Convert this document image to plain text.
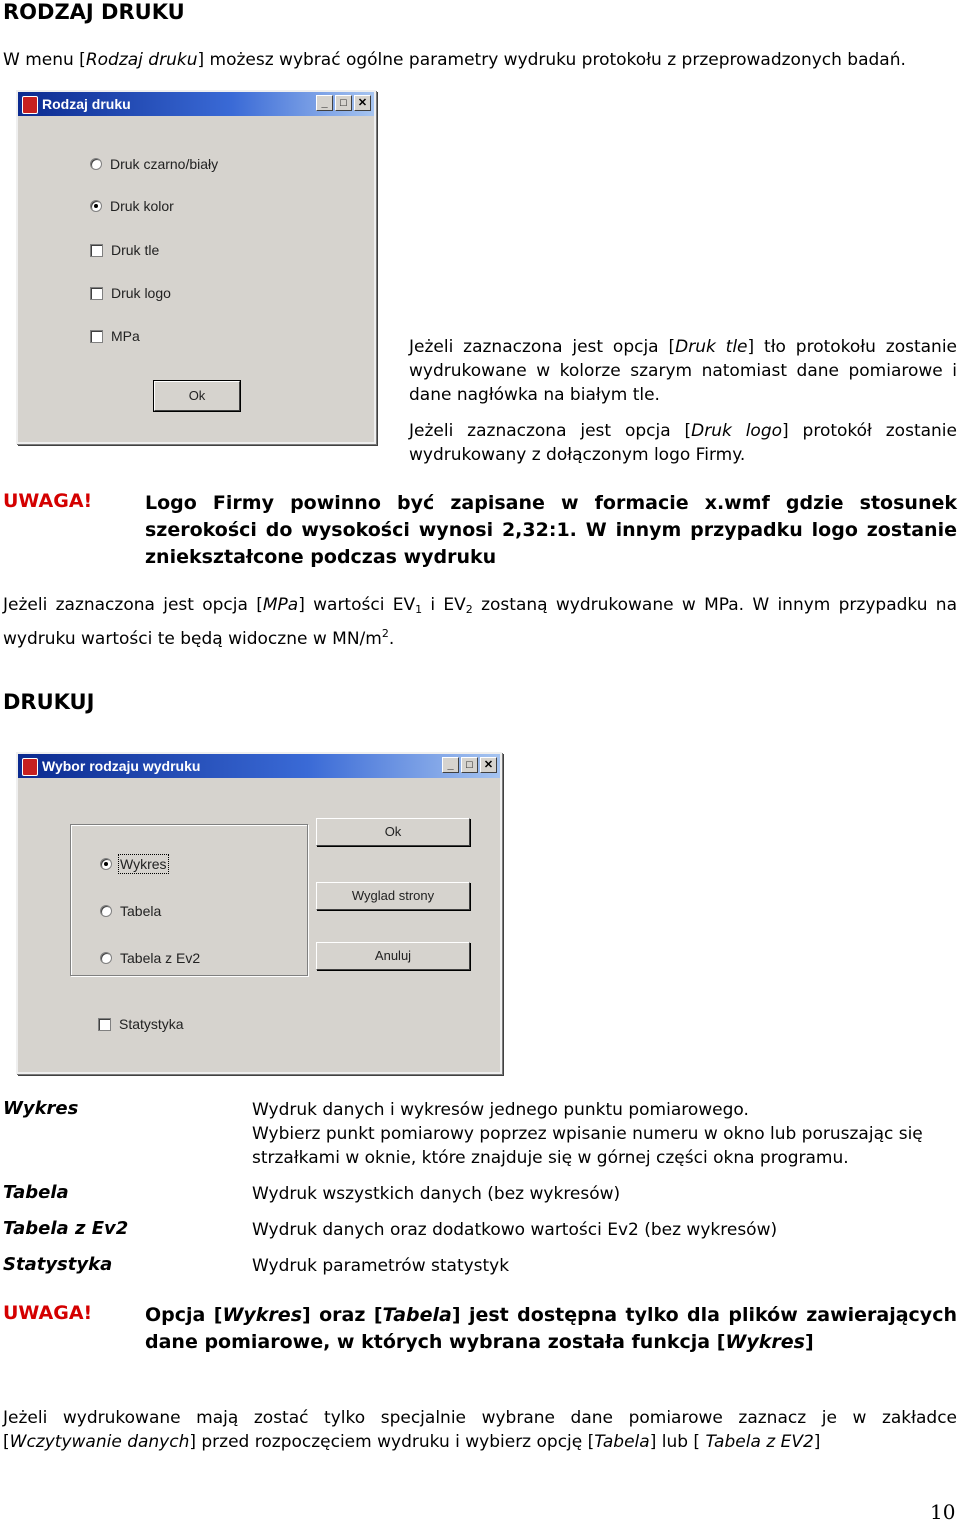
RODZAJ DRUKU
W menu [Rodzaj druku] możesz wybrać ogólne parametry wydruku protokołu z przeprowadzonych badań.
Rodzaj druku	_	□	✕
Druk czarno/biały
Druk kolor
Druk tle
Druk logo
MPa
Ok
Jeżeli zaznaczona jest opcja [Druk tle] tło protokołu zostanie wydrukowane w kolorze szarym natomiast dane pomiarowe i dane nagłówka na białym tle.
Jeżeli zaznaczona jest opcja [Druk logo] protokół zostanie wydrukowany z dołączonym logo Firmy.
UWAGA!	Logo Firmy powinno być zapisane w formacie x.wmf gdzie stosunek szerokości do wysokości wynosi 2,32:1. W innym przypadku logo zostanie zniekształcone podczas wydruku
Jeżeli zaznaczona jest opcja [MPa] wartości $EV_1$ i $EV_2$ zostaną wydrukowane w MPa. W innym przypadku na wydruku wartości te będą widoczne w $MN/m^2$.
DRUKUJ
Wybor rodzaju wydruku	_	□	✕
Wykres
Tabela
Tabela z Ev2
Ok
Wyglad strony
Anuluj
Statystyka
Wykres	Wydruk danych i wykresów jednego punktu pomiarowego.
Wybierz punkt pomiarowy poprzez wpisanie numeru w okno lub poruszając się strzałkami w oknie, które znajduje się w górnej części okna programu.
Tabela	Wydruk wszystkich danych (bez wykresów)
Tabela z Ev2	Wydruk danych oraz dodatkowo wartości Ev2 (bez wykresów)
Statystyka	Wydruk parametrów statystyk
UWAGA!	Opcja [Wykres] oraz [Tabela] jest dostępna tylko dla plików zawierających dane pomiarowe, w których wybrana została funkcja [Wykres]
Jeżeli wydrukowane mają zostać tylko specjalnie wybrane dane pomiarowe zaznacz je w zakładce [Wczytywanie danych] przed rozpoczęciem wydruku i wybierz opcję [Tabela] lub [ Tabela z EV2]
10
